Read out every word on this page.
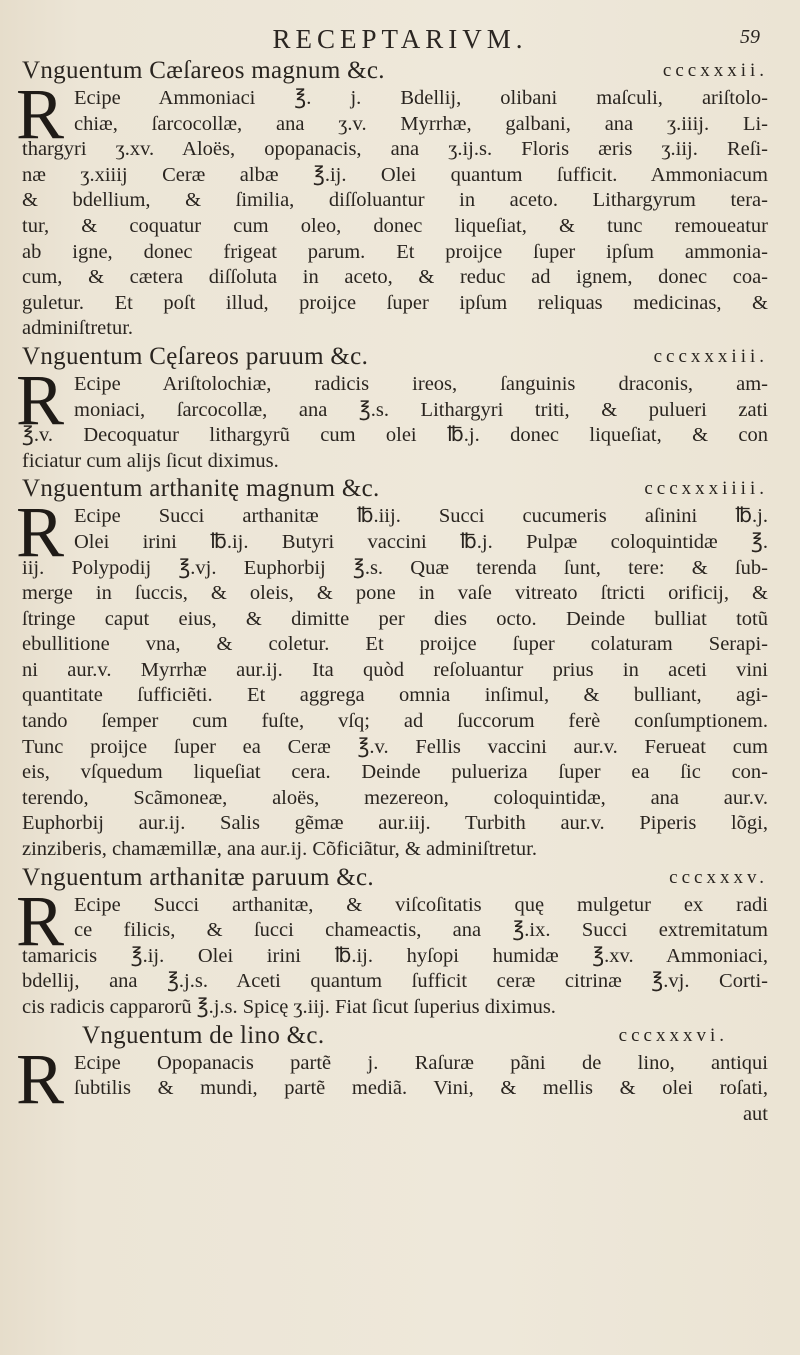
RECEPTARIVM.	59
Vnguentum Cæſareos magnum &c.	cccxxxii.
R Ecipe Ammoniaci ℥. j. Bdellij, olibani maſculi, ariſtolo-
chiæ, ſarcocollæ, ana ʒ.v. Myrrhæ, galbani, ana ʒ.iiij. Li-
thargyri ʒ.xv. Aloës, opopanacis, ana ʒ.ij.s. Floris æris ʒ.iij. Reſi-
næ ʒ.xiiij Ceræ albæ ℥.ij. Olei quantum ſufficit. Ammoniacum
& bdellium, & ſimilia, diſſoluantur in aceto. Lithargyrum tera-
tur, & coquatur cum oleo, donec liqueſiat, & tunc remoueatur
ab igne, donec frigeat parum. Et proijce ſuper ipſum ammonia-
cum, & cætera diſſoluta in aceto, & reduc ad ignem, donec coa-
guletur. Et poſt illud, proijce ſuper ipſum reliquas medicinas, &
adminiſtretur.
Vnguentum Cęſareos paruum &c.	cccxxxiii.
R Ecipe Ariſtolochiæ, radicis ireos, ſanguinis draconis, am-
moniaci, ſarcocollæ, ana ℥.s. Lithargyri triti, & pulueri zati
℥.v. Decoquatur lithargyrũ cum olei ℔.j. donec liqueſiat, & con
ficiatur cum alijs ſicut diximus.
Vnguentum arthanitę magnum &c.	cccxxxiiii.
R Ecipe Succi arthanitæ ℔.iij. Succi cucumeris aſinini ℔.j.
Olei irini ℔.ij. Butyri vaccini ℔.j. Pulpæ coloquintidæ ℥.
iij. Polypodij ℥.vj. Euphorbij ℥.s. Quæ terenda ſunt, tere: & ſub-
merge in ſuccis, & oleis, & pone in vaſe vitreato ſtricti orificij, &
ſtringe caput eius, & dimitte per dies octo. Deinde bulliat totũ
ebullitione vna, & coletur. Et proijce ſuper colaturam Serapi-
ni aur.v. Myrrhæ aur.ij. Ita quòd reſoluantur prius in aceti vini
quantitate ſufficiẽti. Et aggrega omnia inſimul, & bulliant, agi-
tando ſemper cum fuſte, vſq; ad ſuccorum ferè conſumptionem.
Tunc proijce ſuper ea Ceræ ℥.v. Fellis vaccini aur.v. Ferueat cum
eis, vſquedum liqueſiat cera. Deinde pulueriza ſuper ea ſic con-
terendo, Scãmoneæ, aloës, mezereon, coloquintidæ, ana aur.v.
Euphorbij aur.ij. Salis gẽmæ aur.iij. Turbith aur.v. Piperis lõgi,
zinziberis, chamæmillæ, ana aur.ij. Cõficiãtur, & adminiſtretur.
Vnguentum arthanitæ paruum &c.	cccxxxv.
R Ecipe Succi arthanitæ, & viſcoſitatis quę mulgetur ex radi
ce filicis, & ſucci chameactis, ana ℥.ix. Succi extremitatum
tamaricis ℥.ij. Olei irini ℔.ij. hyſopi humidæ ℥.xv. Ammoniaci,
bdellij, ana ℥.j.s. Aceti quantum ſufficit ceræ citrinæ ℥.vj. Corti-
cis radicis capparorũ ℥.j.s. Spicę ʒ.iij. Fiat ſicut ſuperius diximus.
Vnguentum de lino &c.	cccxxxvi.
R Ecipe Opopanacis partẽ j. Raſuræ pãni de lino, antiqui
ſubtilis & mundi, partẽ mediã. Vini, & mellis & olei roſati,
aut
